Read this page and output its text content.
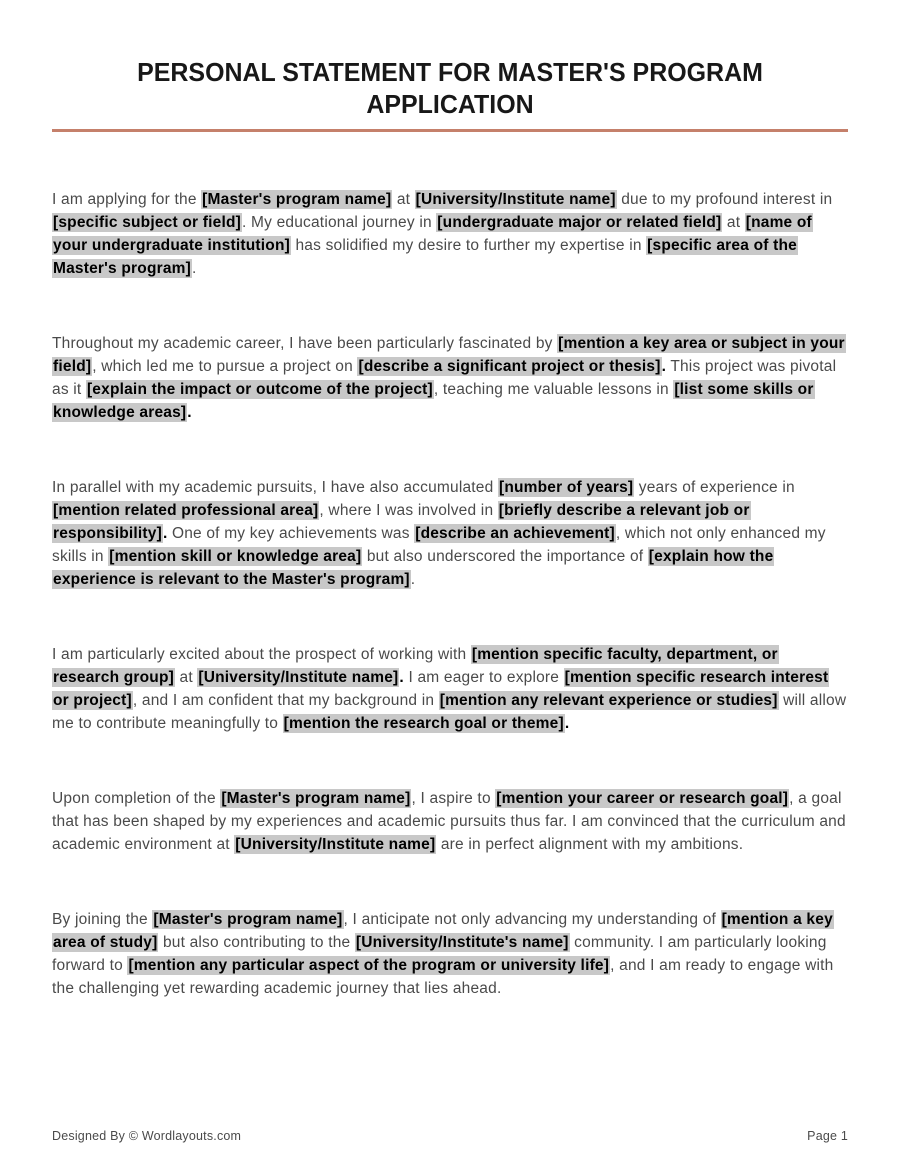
PERSONAL STATEMENT FOR MASTER'S PROGRAM APPLICATION

I am applying for the [Master's program name] at [University/Institute name] due to my profound interest in [specific subject or field]. My educational journey in [undergraduate major or related field] at [name of your undergraduate institution] has solidified my desire to further my expertise in [specific area of the Master's program].

Throughout my academic career, I have been particularly fascinated by [mention a key area or subject in your field], which led me to pursue a project on [describe a significant project or thesis]. This project was pivotal as it [explain the impact or outcome of the project], teaching me valuable lessons in [list some skills or knowledge areas].

In parallel with my academic pursuits, I have also accumulated [number of years] years of experience in [mention related professional area], where I was involved in [briefly describe a relevant job or responsibility]. One of my key achievements was [describe an achievement], which not only enhanced my skills in [mention skill or knowledge area] but also underscored the importance of [explain how the experience is relevant to the Master's program].

I am particularly excited about the prospect of working with [mention specific faculty, department, or research group] at [University/Institute name]. I am eager to explore [mention specific research interest or project], and I am confident that my background in [mention any relevant experience or studies] will allow me to contribute meaningfully to [mention the research goal or theme].

Upon completion of the [Master's program name], I aspire to [mention your career or research goal], a goal that has been shaped by my experiences and academic pursuits thus far. I am convinced that the curriculum and academic environment at [University/Institute name] are in perfect alignment with my ambitions.

By joining the [Master's program name], I anticipate not only advancing my understanding of [mention a key area of study] but also contributing to the [University/Institute's name] community. I am particularly looking forward to [mention any particular aspect of the program or university life], and I am ready to engage with the challenging yet rewarding academic journey that lies ahead.

Designed By © Wordlayouts.com	Page 1
